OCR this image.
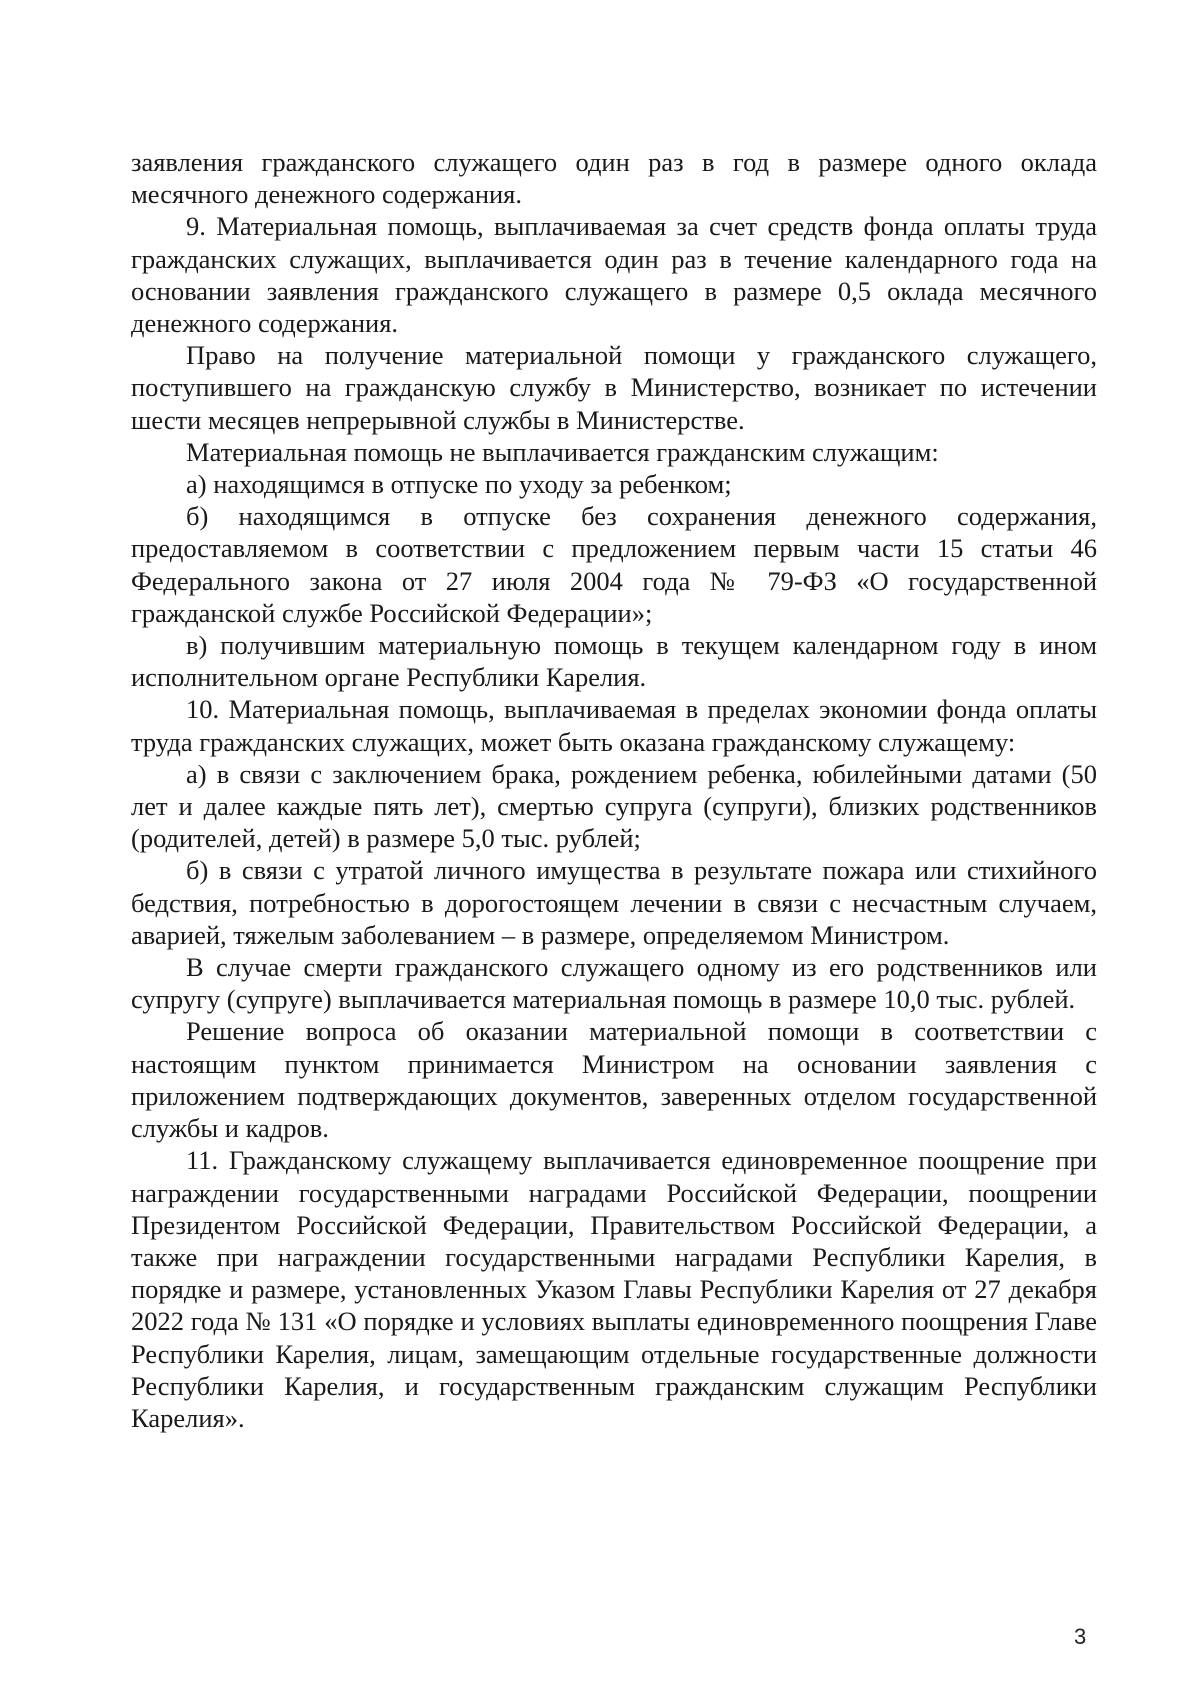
заявления гражданского служащего один раз в год в размере одного оклада месячного денежного содержания.

9. Материальная помощь, выплачиваемая за счет средств фонда оплаты труда гражданских служащих, выплачивается один раз в течение календарного года на основании заявления гражданского служащего в размере 0,5 оклада месячного денежного содержания.

Право на получение материальной помощи у гражданского служащего, поступившего на гражданскую службу в Министерство, возникает по истечении шести месяцев непрерывной службы в Министерстве.

Материальная помощь не выплачивается гражданским служащим:

а) находящимся в отпуске по уходу за ребенком;

б) находящимся в отпуске без сохранения денежного содержания, предоставляемом в соответствии с предложением первым части 15 статьи 46 Федерального закона от 27 июля 2004 года № 79-ФЗ «О государственной гражданской службе Российской Федерации»;

в) получившим материальную помощь в текущем календарном году в ином исполнительном органе Республики Карелия.

10. Материальная помощь, выплачиваемая в пределах экономии фонда оплаты труда гражданских служащих, может быть оказана гражданскому служащему:

а) в связи с заключением брака, рождением ребенка, юбилейными датами (50 лет и далее каждые пять лет), смертью супруга (супруги), близких родственников (родителей, детей) в размере 5,0 тыс. рублей;

б) в связи с утратой личного имущества в результате пожара или стихийного бедствия, потребностью в дорогостоящем лечении в связи с несчастным случаем, аварией, тяжелым заболеванием – в размере, определяемом Министром.

В случае смерти гражданского служащего одному из его родственников или супругу (супруге) выплачивается материальная помощь в размере 10,0 тыс. рублей.

Решение вопроса об оказании материальной помощи в соответствии с настоящим пунктом принимается Министром на основании заявления с приложением подтверждающих документов, заверенных отделом государственной службы и кадров.

11. Гражданскому служащему выплачивается единовременное поощрение при награждении государственными наградами Российской Федерации, поощрении Президентом Российской Федерации, Правительством Российской Федерации, а также при награждении государственными наградами Республики Карелия, в порядке и размере, установленных Указом Главы Республики Карелия от 27 декабря 2022 года № 131 «О порядке и условиях выплаты единовременного поощрения Главе Республики Карелия, лицам, замещающим отдельные государственные должности Республики Карелия, и государственным гражданским служащим Республики Карелия».

3
